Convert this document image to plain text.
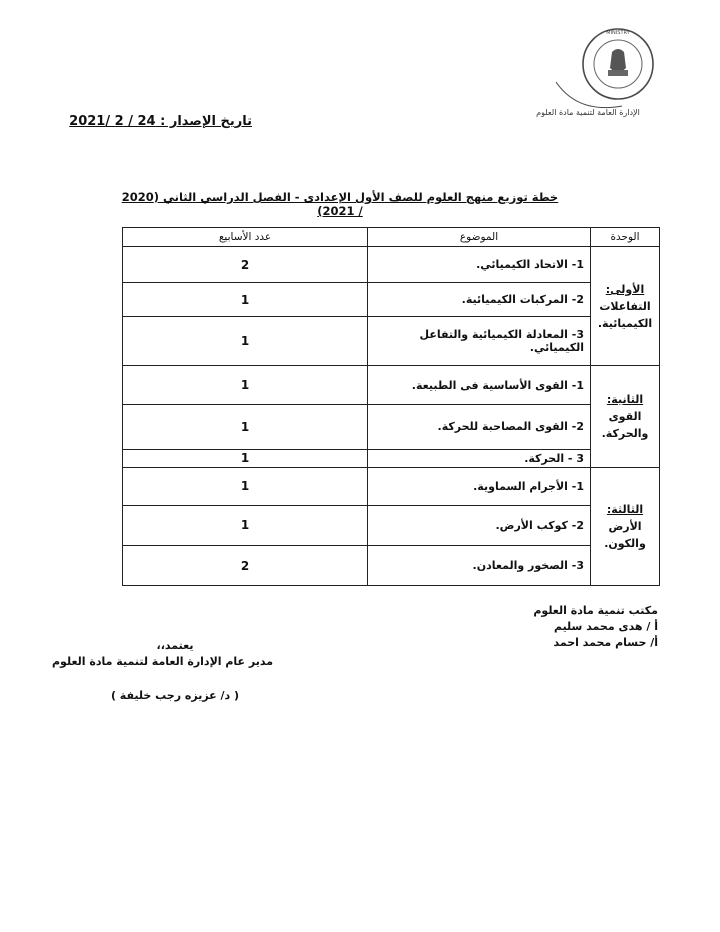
MINISTRY
الإدارة العامة لتنمية مادة العلوم
تاريخ الإصدار : 24 / 2 /2021
خطة توزيع منهج العلوم للصف الأول الإعدادى - الفصل الدراسي الثاني (2020 / 2021)
الوحدة	الموضوع	عدد الأسابيع

الأولى:
التفاعلات الكيميائية.	1- الاتحاد الكيميائي.	2
	2- المركبات الكيميائية.	1
	3- المعادلة الكيميائية والتفاعل الكيميائي.	1

الثانية:
القوى والحركة.	1- القوى الأساسية فى الطبيعة.	1
	2- القوى المصاحبة للحركة.	1
	3 - الحركة.	1

الثالثة:
الأرض والكون.	1- الأجرام السماوية.	1
	2- كوكب الأرض.	1
	3- الصخور والمعادن.	2
مكتب تنمية مادة العلوم
أ / هدى محمد سليم
أ/ حسام محمد احمد
يعتمد،،
مدير عام الإدارة العامة لتنمية مادة العلوم
( د/ عزيزه رجب خليفة )
